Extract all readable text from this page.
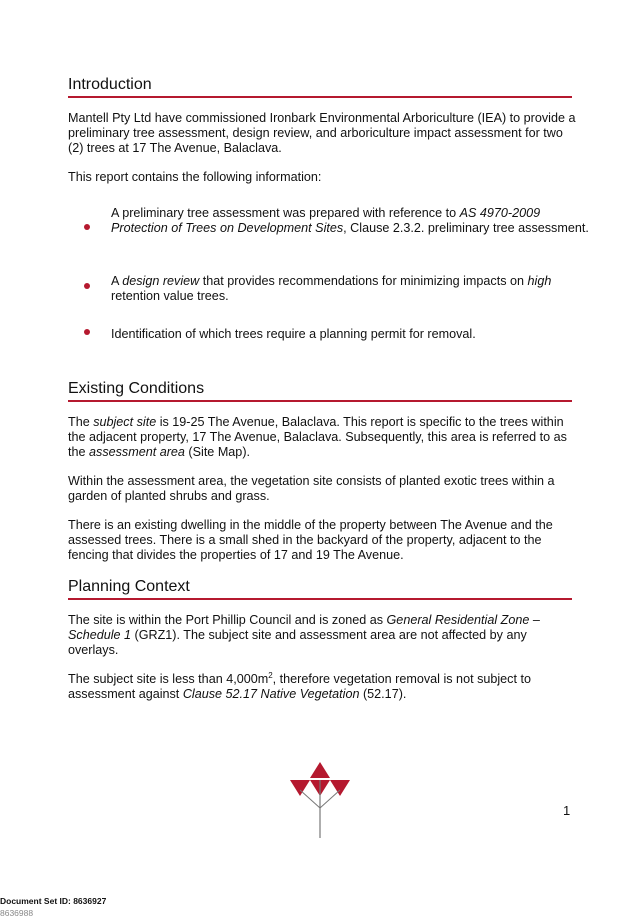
Introduction

Mantell Pty Ltd have commissioned Ironbark Environmental Arboriculture (IEA) to provide a preliminary tree assessment, design review, and arboriculture impact assessment for two (2) trees at 17 The Avenue, Balaclava.

This report contains the following information:

A preliminary tree assessment was prepared with reference to AS 4970-2009 Protection of Trees on Development Sites, Clause 2.3.2. preliminary tree assessment.

A design review that provides recommendations for minimizing impacts on high retention value trees.

Identification of which trees require a planning permit for removal.

Existing Conditions

The subject site is 19-25 The Avenue, Balaclava. This report is specific to the trees within the adjacent property, 17 The Avenue, Balaclava. Subsequently, this area is referred to as the assessment area (Site Map).

Within the assessment area, the vegetation site consists of planted exotic trees within a garden of planted shrubs and grass.

There is an existing dwelling in the middle of the property between The Avenue and the assessed trees. There is a small shed in the backyard of the property, adjacent to the fencing that divides the properties of 17 and 19 The Avenue.

Planning Context

The site is within the Port Phillip Council and is zoned as General Residential Zone – Schedule 1 (GRZ1). The subject site and assessment area are not affected by any overlays.

The subject site is less than $4,000m^2$, therefore vegetation removal is not subject to assessment against Clause 52.17 Native Vegetation (52.17).

1
Document Set ID: 8636927
8636988
